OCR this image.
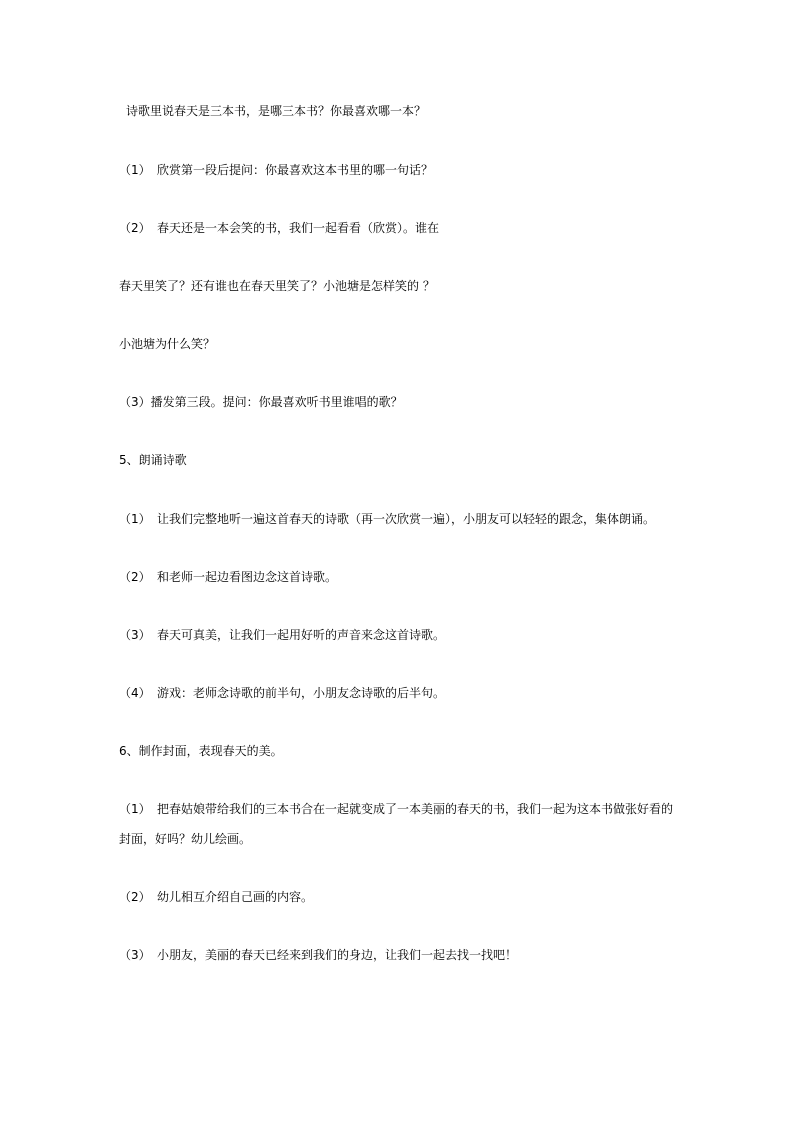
诗歌里说春天是三本书，是哪三本书？你最喜欢哪一本？
（1） 欣赏第一段后提问：你最喜欢这本书里的哪一句话？
（2） 春天还是一本会笑的书，我们一起看看（欣赏）。谁在
春天里笑了？还有谁也在春天里笑了？小池塘是怎样笑的 ？
小池塘为什么笑？
（3）播发第三段。提问：你最喜欢听书里谁唱的歌？
5、朗诵诗歌
（1） 让我们完整地听一遍这首春天的诗歌（再一次欣赏一遍），小朋友可以轻轻的跟念，集体朗诵。
（2） 和老师一起边看图边念这首诗歌。
（3） 春天可真美，让我们一起用好听的声音来念这首诗歌。
（4） 游戏：老师念诗歌的前半句，小朋友念诗歌的后半句。
6、制作封面，表现春天的美。
（1） 把春姑娘带给我们的三本书合在一起就变成了一本美丽的春天的书，我们一起为这本书做张好看的
封面，好吗？幼儿绘画。
（2） 幼儿相互介绍自己画的内容。
（3） 小朋友，美丽的春天已经来到我们的身边，让我们一起去找一找吧！
